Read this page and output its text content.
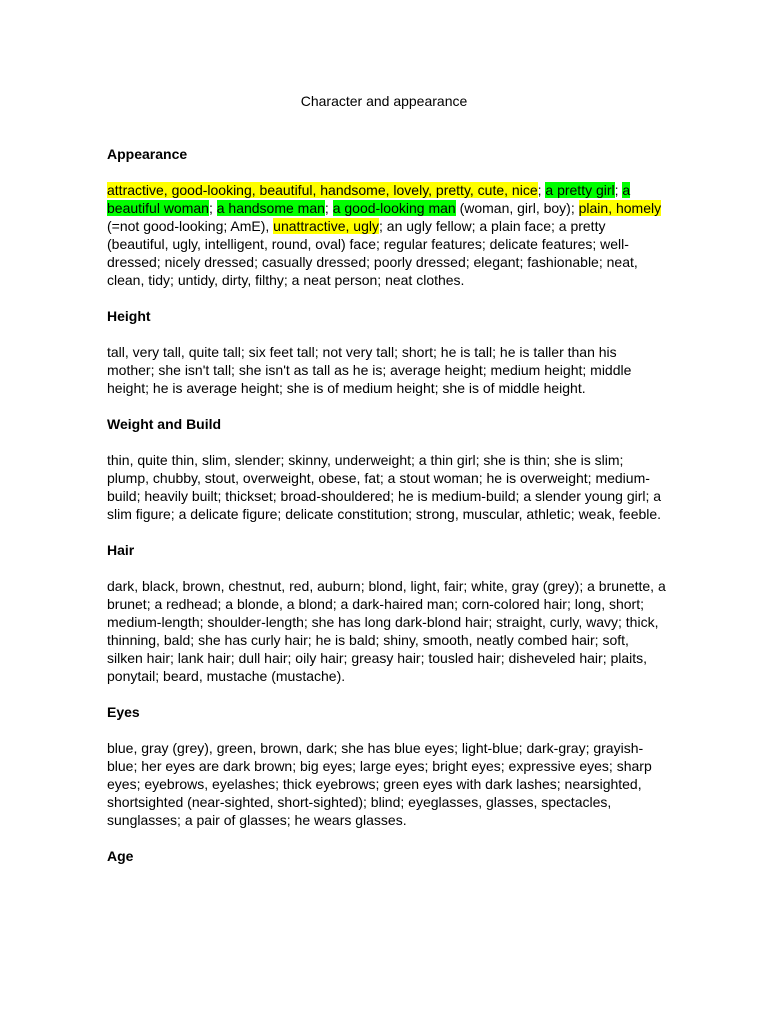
Character and appearance
Appearance
attractive, good-looking, beautiful, handsome, lovely, pretty, cute, nice; a pretty girl; a beautiful woman; a handsome man; a good-looking man (woman, girl, boy); plain, homely (=not good-looking; AmE), unattractive, ugly; an ugly fellow; a plain face; a pretty (beautiful, ugly, intelligent, round, oval) face; regular features; delicate features; well-dressed; nicely dressed; casually dressed; poorly dressed; elegant; fashionable; neat, clean, tidy; untidy, dirty, filthy; a neat person; neat clothes.
Height
tall, very tall, quite tall; six feet tall; not very tall; short; he is tall; he is taller than his mother; she isn't tall; she isn't as tall as he is; average height; medium height; middle height; he is average height; she is of medium height; she is of middle height.
Weight and Build
thin, quite thin, slim, slender; skinny, underweight; a thin girl; she is thin; she is slim; plump, chubby, stout, overweight, obese, fat; a stout woman; he is overweight; medium-build; heavily built; thickset; broad-shouldered; he is medium-build; a slender young girl; a slim figure; a delicate figure; delicate constitution; strong, muscular, athletic; weak, feeble.
Hair
dark, black, brown, chestnut, red, auburn; blond, light, fair; white, gray (grey); a brunette, a brunet; a redhead; a blonde, a blond; a dark-haired man; corn-colored hair; long, short; medium-length; shoulder-length; she has long dark-blond hair; straight, curly, wavy; thick, thinning, bald; she has curly hair; he is bald; shiny, smooth, neatly combed hair; soft, silken hair; lank hair; dull hair; oily hair; greasy hair; tousled hair; disheveled hair; plaits, ponytail; beard, mustache (mustache).
Eyes
blue, gray (grey), green, brown, dark; she has blue eyes; light-blue; dark-gray; grayish-blue; her eyes are dark brown; big eyes; large eyes; bright eyes; expressive eyes; sharp eyes; eyebrows, eyelashes; thick eyebrows; green eyes with dark lashes; nearsighted, shortsighted (near-sighted, short-sighted); blind; eyeglasses, glasses, spectacles, sunglasses; a pair of glasses; he wears glasses.
Age
